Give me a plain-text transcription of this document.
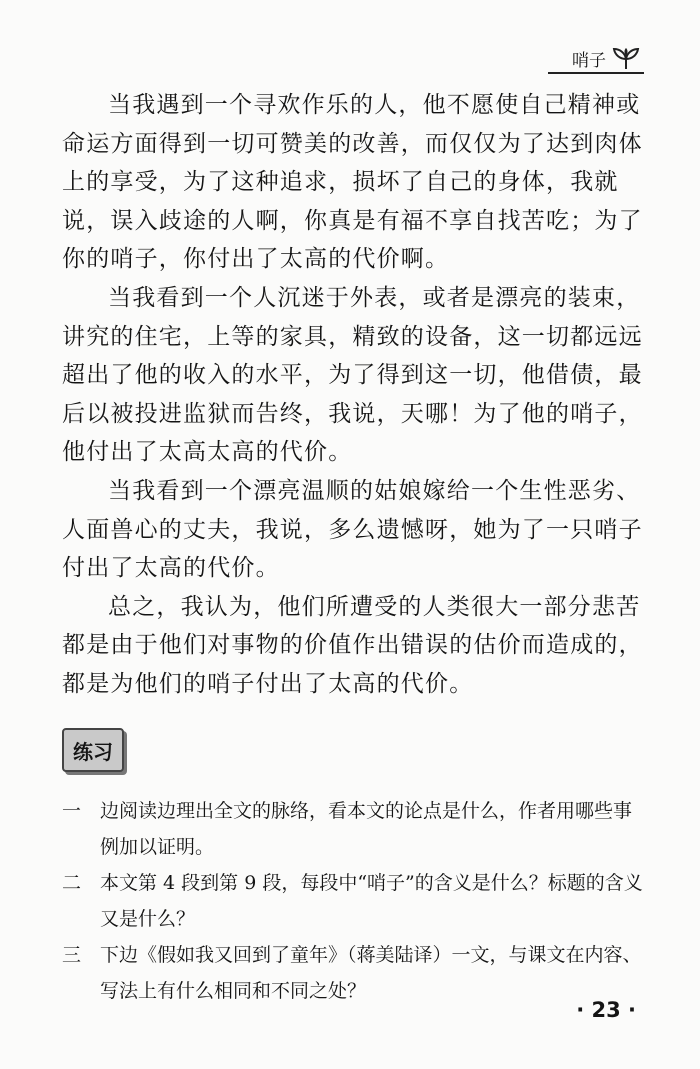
哨子

当我遇到一个寻欢作乐的人，他不愿使自己精神或命运方面得到一切可赞美的改善，而仅仅为了达到肉体上的享受，为了这种追求，损坏了自己的身体，我就说，误入歧途的人啊，你真是有福不享自找苦吃；为了你的哨子，你付出了太高的代价啊。

当我看到一个人沉迷于外表，或者是漂亮的装束，讲究的住宅，上等的家具，精致的设备，这一切都远远超出了他的收入的水平，为了得到这一切，他借债，最后以被投进监狱而告终，我说，天哪！为了他的哨子，他付出了太高太高的代价。

当我看到一个漂亮温顺的姑娘嫁给一个生性恶劣、人面兽心的丈夫，我说，多么遗憾呀，她为了一只哨子付出了太高的代价。

总之，我认为，他们所遭受的人类很大一部分悲苦都是由于他们对事物的价值作出错误的估价而造成的，都是为他们的哨子付出了太高的代价。

练习
一 边阅读边理出全文的脉络，看本文的论点是什么，作者用哪些事例加以证明。
二 本文第 4 段到第 9 段，每段中“哨子”的含义是什么？标题的含义又是什么？
三 下边《假如我又回到了童年》（蒋美陆译）一文，与课文在内容、写法上有什么相同和不同之处？
· 23 ·
